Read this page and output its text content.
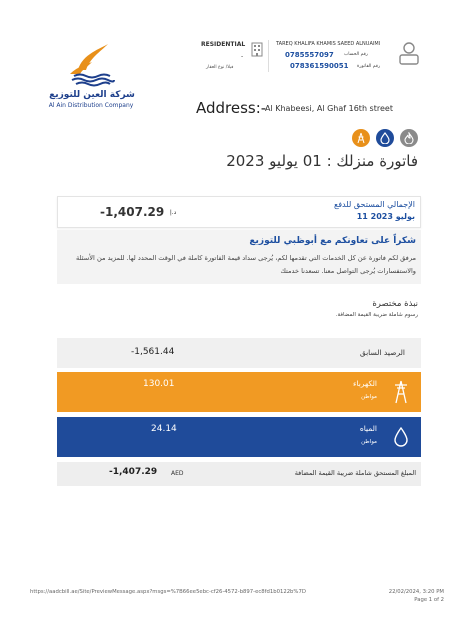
شركة العين للتوزيع
Al Ain Distribution Company
RESIDENTIAL
-
فيلا/ نوع العقار
TAREQ KHALIFA KHAMIS SAEED ALNUAIMI
0785557097 رقم الحساب
078361590051 رقم الفاتورة
Address:-
Al Khabeesi, Al Ghaf 16th street
فاتورة منزلك : 01 يوليو 2023
الإجمالي المستحق للدفع
بوليو 2023 11
-1,407.29 د.إ
شكراً على تعاونكم مع أبوظبي للتوزيع
مرفق لكم فاتورة عن كل الخدمات التي تقدمها لكم، يُرجى سداد قيمة الفاتورة كاملة في الوقت المحدد لها. للمزيد من الأسئلة والاستفسارات يُرجى التواصل معنا. تسعدنا خدمتك
نبذة مختصرة
رسوم شاملة ضريبة القيمة المضافة.
الرصيد السابق
-1,561.44
الكهرباء
مواطن
130.01
المياه
مواطن
24.14
المبلغ المستحق شاملة ضريبة القيمة المضافة
-1,407.29 AED
https://aadcbill.ae/Site/PreviewMessage.aspx?msgs=%7B66ee5ebc-cf26-4572-b897-ec8fd1b0122b%7D	22/02/2024, 3:20 PM
Page 1 of 2
